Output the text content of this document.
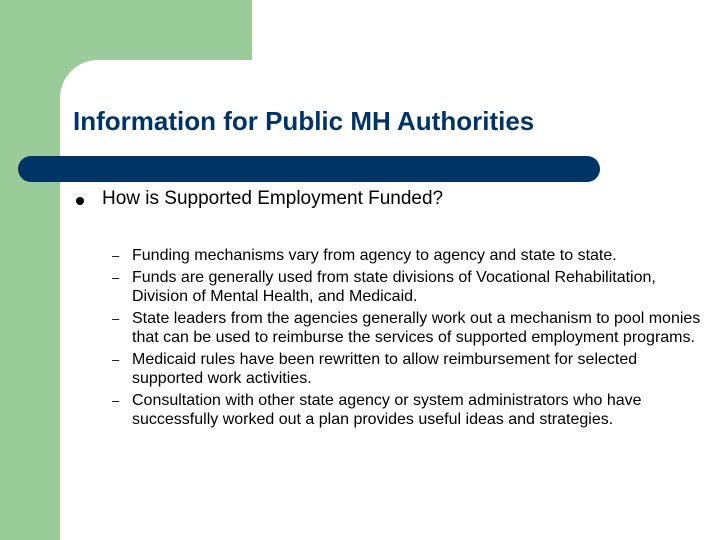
Information for Public MH Authorities
How is Supported Employment Funded?
– Funding mechanisms vary from agency to agency and state to state.
– Funds are generally used from state divisions of Vocational Rehabilitation, Division of Mental Health, and Medicaid.
– State leaders from the agencies generally work out a mechanism to pool monies that can be used to reimburse the services of supported employment programs.
– Medicaid rules have been rewritten to allow reimbursement for selected supported work activities.
– Consultation with other state agency or system administrators who have successfully worked out a plan provides useful ideas and strategies.
